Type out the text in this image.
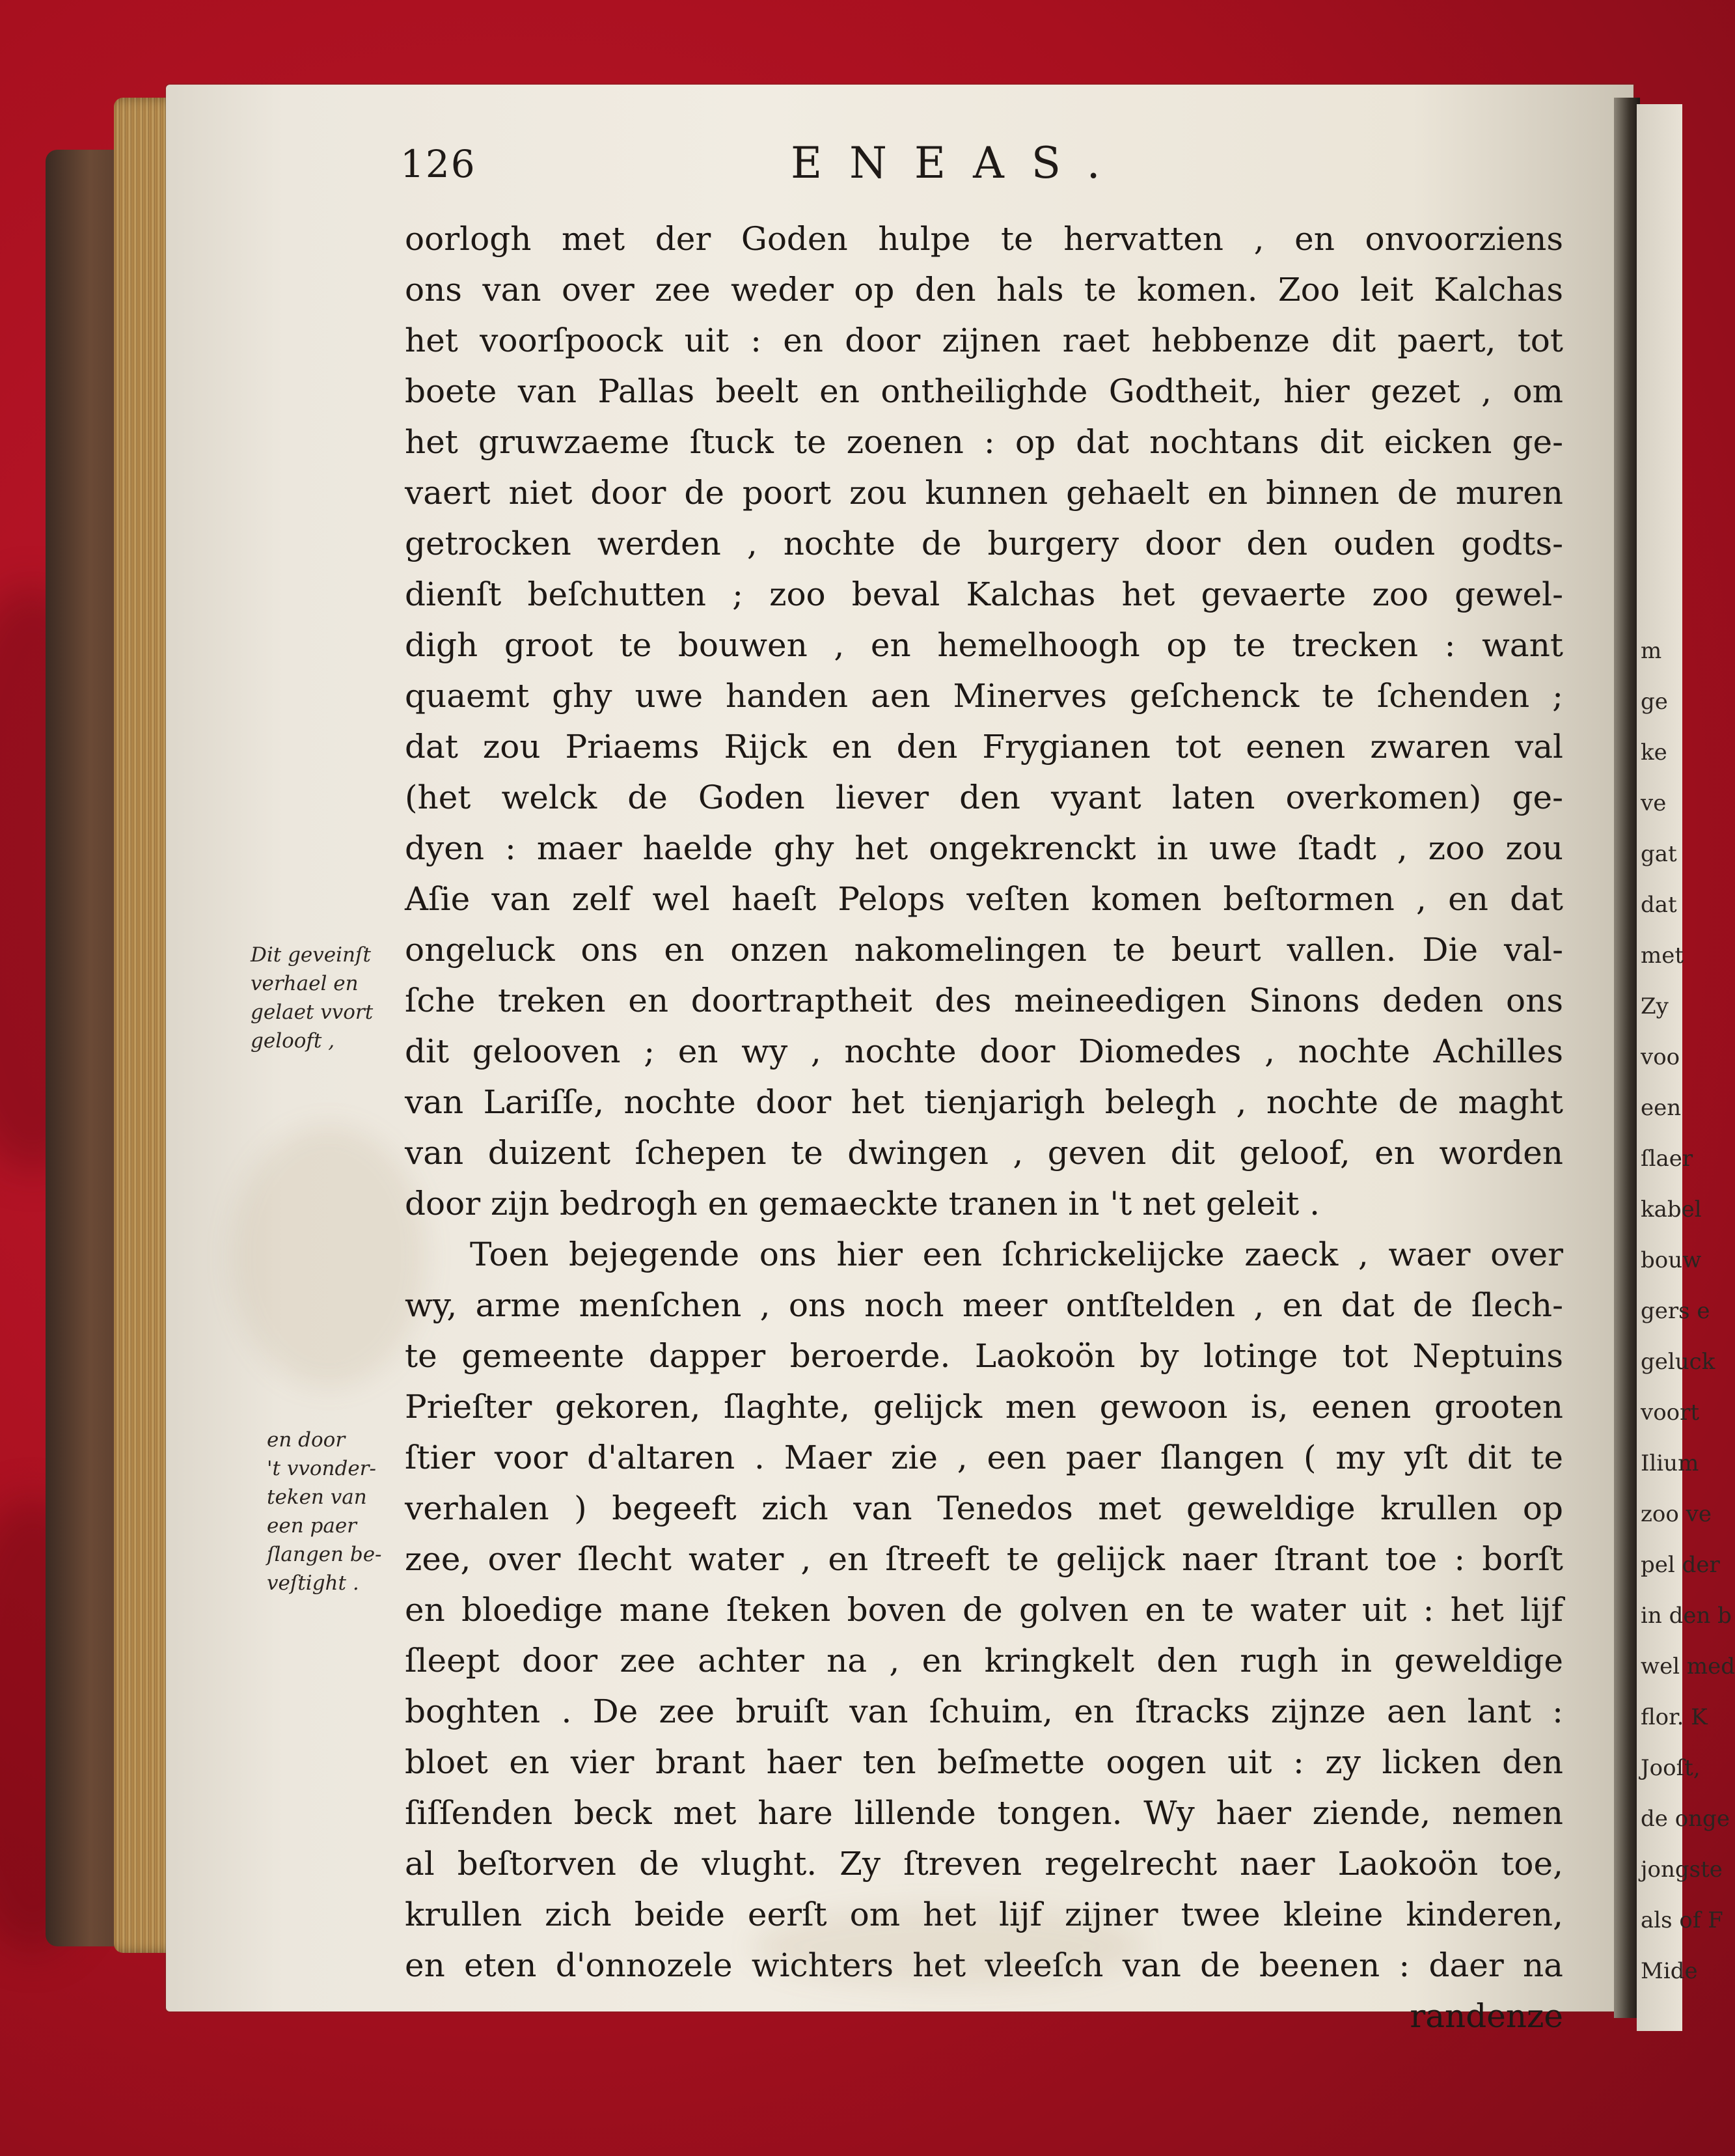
m
ge
ke
ve
gat
dat
met
Zy
voo
een
ſlaer
kabel
bouw
gers e
geluck
voort
Ilium
zoo ve
pel der
in den b
wel med
flor. K
Jooſt,
de onge
jongste
als of F
Mide
126	ENEAS.
oorlogh met der Goden hulpe te hervatten , en onvoorziens
ons van over zee weder op den hals te komen. Zoo leit Kalchas
het voorſpoock uit : en door zijnen raet hebbenze dit paert, tot
boete van Pallas beelt en ontheilighde Godtheit, hier gezet , om
het gruwzaeme ſtuck te zoenen : op dat nochtans dit eicken ge-
vaert niet door de poort zou kunnen gehaelt en binnen de muren
getrocken werden , nochte de burgery door den ouden godts-
dienſt beſchutten ; zoo beval Kalchas het gevaerte zoo gewel-
digh groot te bouwen , en hemelhoogh op te trecken : want
quaemt ghy uwe handen aen Minerves geſchenck te ſchenden ;
dat zou Priaems Rijck en den Frygianen tot eenen zwaren val
(het welck de Goden liever den vyant laten overkomen) ge-
dyen : maer haelde ghy het ongekrenckt in uwe ſtadt , zoo zou
Aſie van zelf wel haeſt Pelops veſten komen beſtormen , en dat
ongeluck ons en onzen nakomelingen te beurt vallen. Die val-
ſche treken en doortraptheit des meineedigen Sinons deden ons
dit gelooven ; en wy , nochte door Diomedes , nochte Achilles
van Lariſſe, nochte door het tienjarigh belegh , nochte de maght
van duizent ſchepen te dwingen , geven dit geloof, en worden
door zijn bedrogh en gemaeckte tranen in 't net geleit .
Toen bejegende ons hier een ſchrickelijcke zaeck , waer over
wy, arme menſchen , ons noch meer ontſtelden , en dat de ſlech-
te gemeente dapper beroerde. Laokoön by lotinge tot Neptuins
Prieſter gekoren, ſlaghte, gelijck men gewoon is, eenen grooten
ſtier voor d'altaren . Maer zie , een paer ſlangen ( my yſt dit te
verhalen ) begeeft zich van Tenedos met geweldige krullen op
zee, over ſlecht water , en ſtreeft te gelijck naer ſtrant toe : borſt
en bloedige mane ſteken boven de golven en te water uit : het lijf
ſleept door zee achter na , en kringkelt den rugh in geweldige
boghten . De zee bruiſt van ſchuim, en ſtracks zijnze aen lant :
bloet en vier brant haer ten beſmette oogen uit : zy licken den
ſiſſenden beck met hare lillende tongen. Wy haer ziende, nemen
al beſtorven de vlught. Zy ſtreven regelrecht naer Laokoön toe,
krullen zich beide eerſt om het lijf zijner twee kleine kinderen,
en eten d'onnozele wichters het vleeſch van de beenen : daer na
randenze
Dit geveinſt
verhael en
gelaet vvort
gelooft ,
en door
't vvonder-
teken van
een paer
ſlangen be-
veſtight .
